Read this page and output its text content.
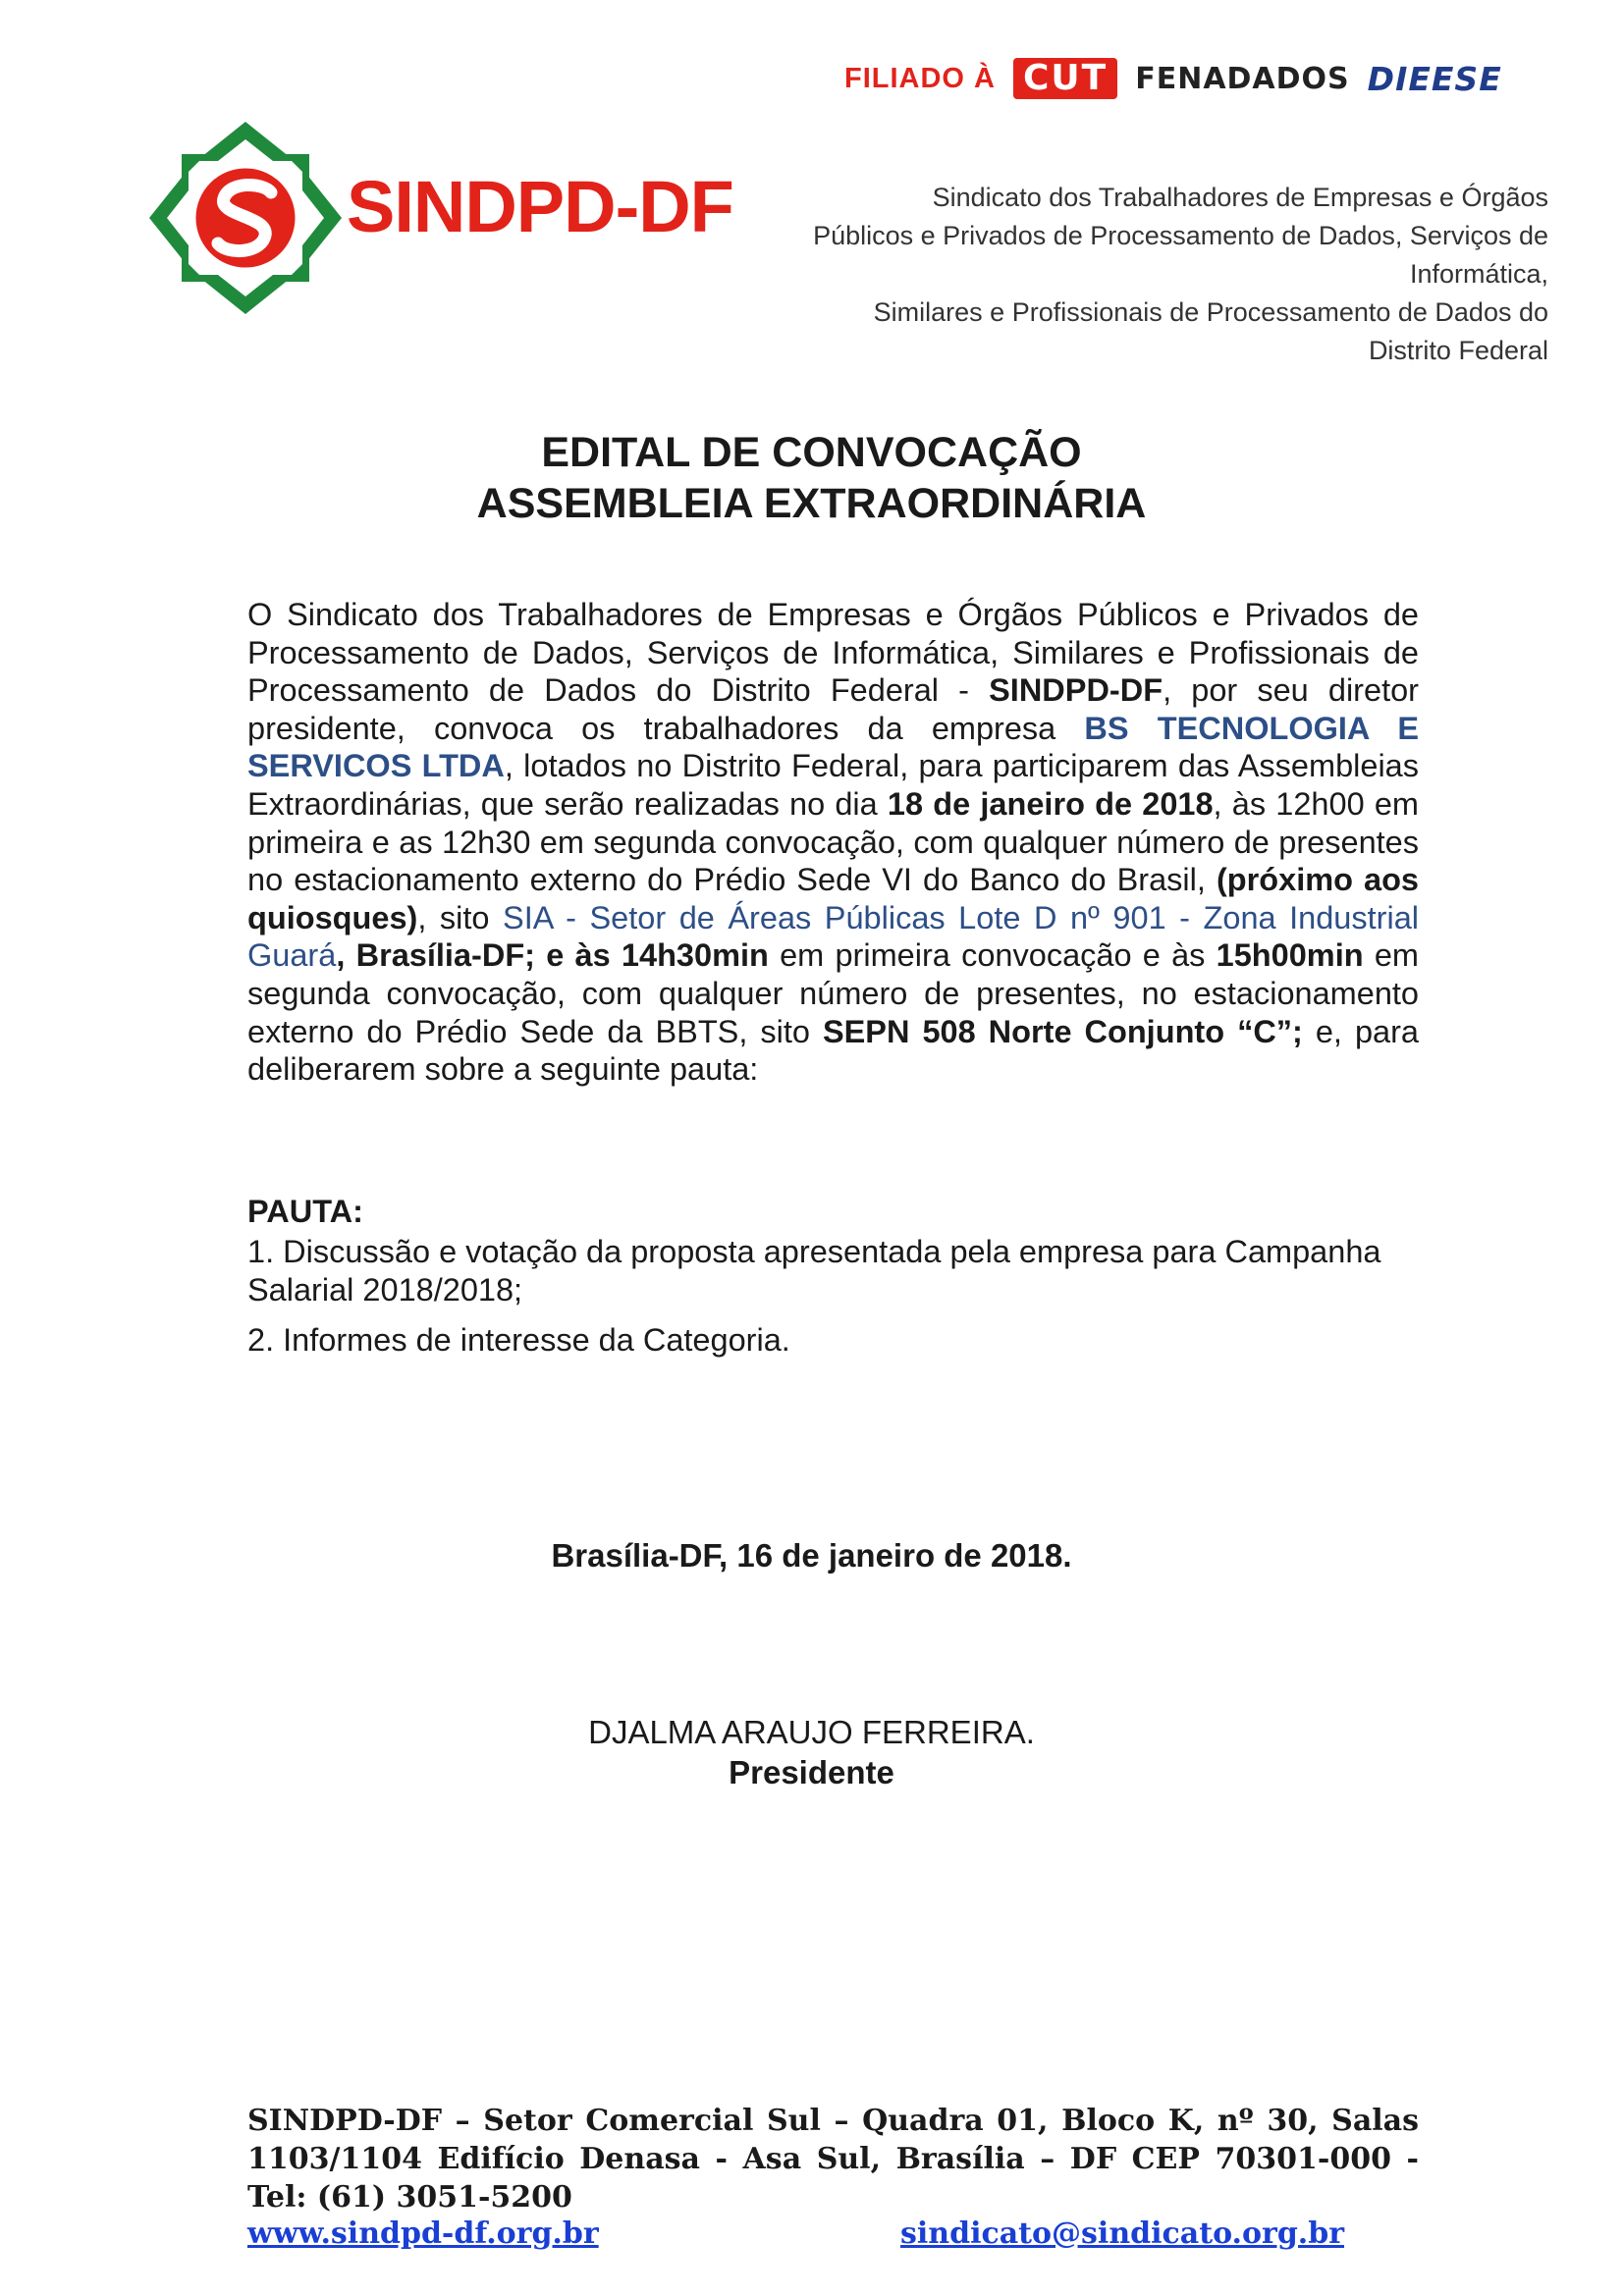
FILIADO À CUT FENADADOS DIEESE
SINDPD-DF	Sindicato dos Trabalhadores de Empresas e Órgãos
Públicos e Privados de Processamento de Dados, Serviços de Informática,
Similares e Profissionais de Processamento de Dados do Distrito Federal
EDITAL DE CONVOCAÇÃO
ASSEMBLEIA EXTRAORDINÁRIA
O Sindicato dos Trabalhadores de Empresas e Órgãos Públicos e Privados de Processamento de Dados, Serviços de Informática, Similares e Profissionais de Processamento de Dados do Distrito Federal - SINDPD-DF, por seu diretor presidente, convoca os trabalhadores da empresa BS TECNOLOGIA E SERVICOS LTDA, lotados no Distrito Federal, para participarem das Assembleias Extraordinárias, que serão realizadas no dia 18 de janeiro de 2018, às 12h00 em primeira e as 12h30 em segunda convocação, com qualquer número de presentes no estacionamento externo do Prédio Sede VI do Banco do Brasil, (próximo aos quiosques), sito SIA - Setor de Áreas Públicas Lote D nº 901 - Zona Industrial Guará, Brasília-DF; e às 14h30min em primeira convocação e às 15h00min em segunda convocação, com qualquer número de presentes, no estacionamento externo do Prédio Sede da BBTS, sito SEPN 508 Norte Conjunto “C”; e, para deliberarem sobre a seguinte pauta:
PAUTA:
1. Discussão e votação da proposta apresentada pela empresa para Campanha Salarial 2018/2018;
2. Informes de interesse da Categoria.
Brasília-DF, 16 de janeiro de 2018.
DJALMA ARAUJO FERREIRA.
Presidente
SINDPD-DF – Setor Comercial Sul – Quadra 01, Bloco K, nº 30, Salas 1103/1104 Edifício Denasa - Asa Sul, Brasília – DF CEP 70301-000 - Tel: (61) 3051-5200
www.sindpd-df.org.br	sindicato@sindicato.org.br
